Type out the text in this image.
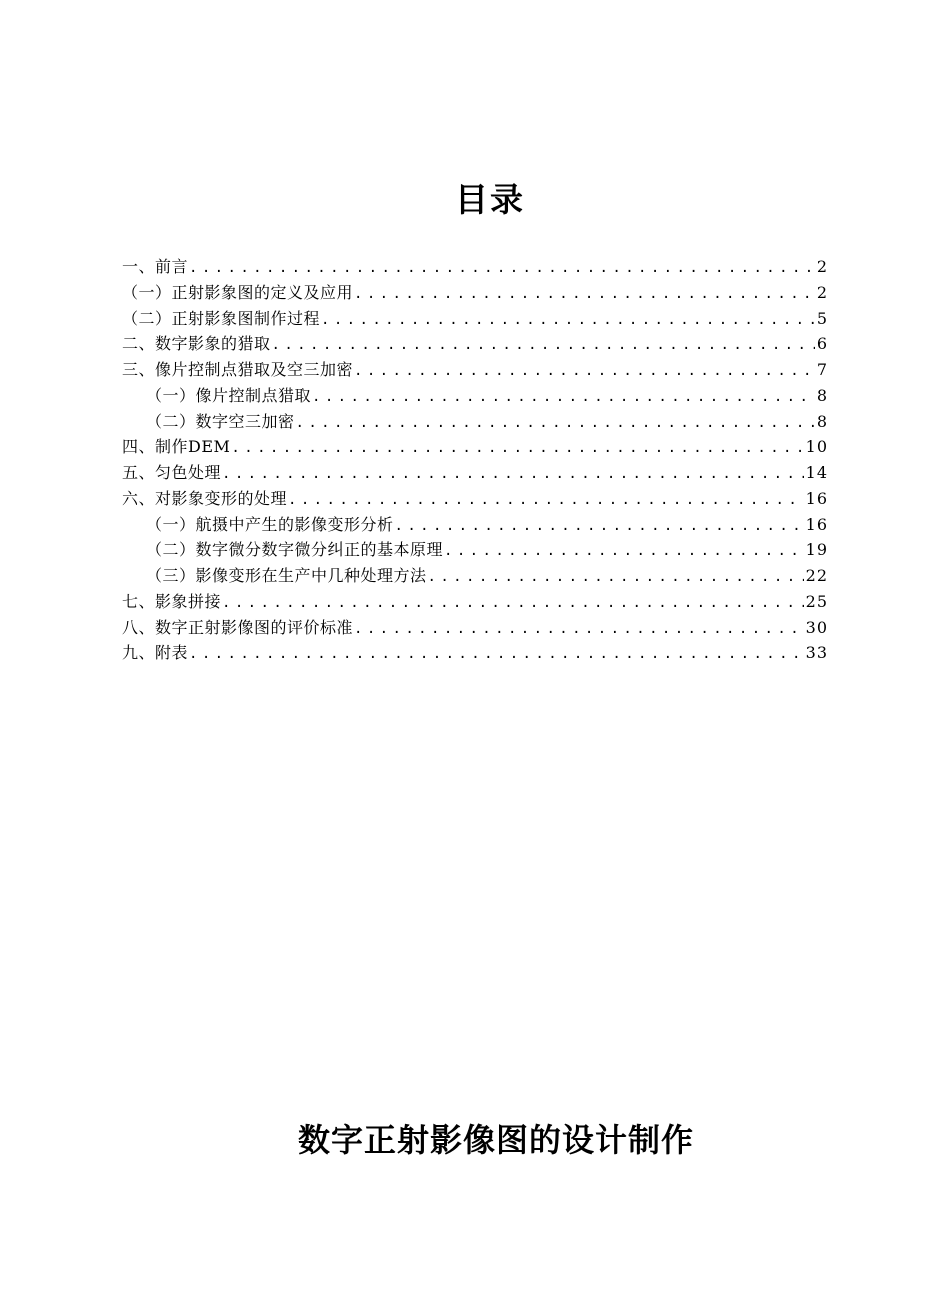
目录
一、前言 .....	2
（一）正射影象图的定义及应用 .....	2
（二）正射影象图制作过程 .....	5
二、数字影象的猎取 .....	6
三、像片控制点猎取及空三加密 .....	7
（一）像片控制点猎取 .....	8
（二）数字空三加密 .....	8
四、制作DEM .....	10
五、匀色处理 .....	14
六、对影象变形的处理 .....	16
（一）航摄中产生的影像变形分析 .....	16
（二）数字微分数字微分纠正的基本原理 .....	19
（三）影像变形在生产中几种处理方法 .....	22
七、影象拼接 .....	25
八、数字正射影像图的评价标准 .....	30
九、附表 .....	33
数字正射影像图的设计制作
